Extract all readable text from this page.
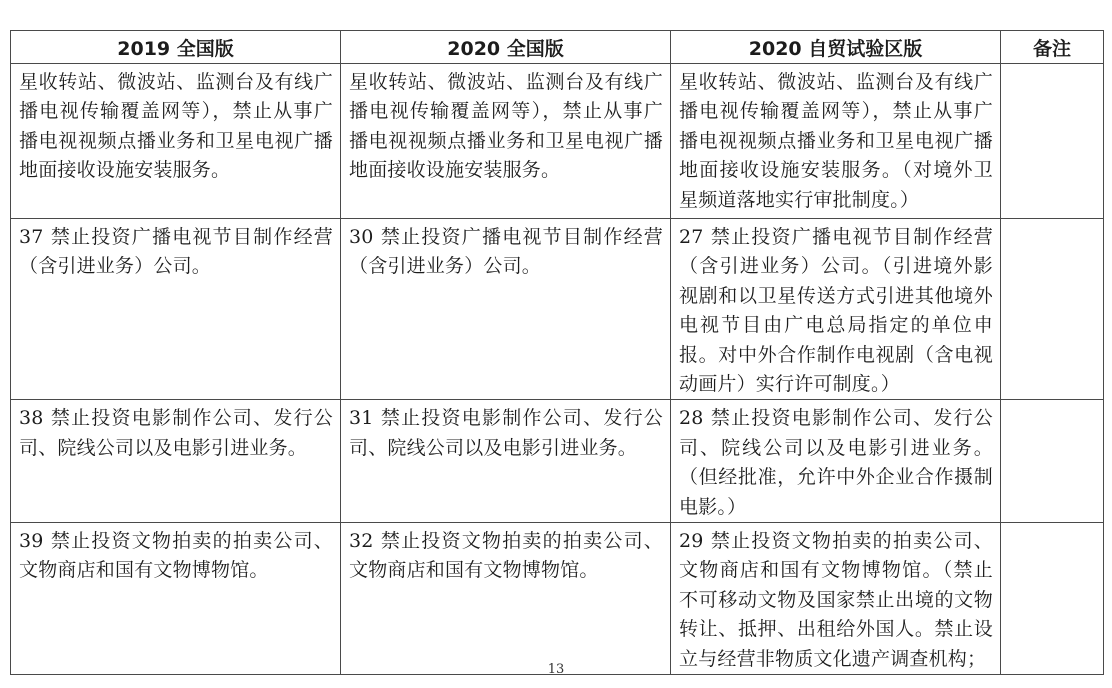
2019 全国版	2020 全国版	2020 自贸试验区版	备注
星收转站、微波站、监测台及有线广播电视传输覆盖网等），禁止从事广播电视视频点播业务和卫星电视广播地面接收设施安装服务。	星收转站、微波站、监测台及有线广播电视传输覆盖网等），禁止从事广播电视视频点播业务和卫星电视广播地面接收设施安装服务。	星收转站、微波站、监测台及有线广播电视传输覆盖网等），禁止从事广播电视视频点播业务和卫星电视广播地面接收设施安装服务。（对境外卫星频道落地实行审批制度。）	
37 禁止投资广播电视节目制作经营（含引进业务）公司。	30 禁止投资广播电视节目制作经营（含引进业务）公司。	27 禁止投资广播电视节目制作经营（含引进业务）公司。（引进境外影视剧和以卫星传送方式引进其他境外电视节目由广电总局指定的单位申报。对中外合作制作电视剧（含电视动画片）实行许可制度。）	
38 禁止投资电影制作公司、发行公司、院线公司以及电影引进业务。	31 禁止投资电影制作公司、发行公司、院线公司以及电影引进业务。	28 禁止投资电影制作公司、发行公司、院线公司以及电影引进业务。（但经批准，允许中外企业合作摄制电影。）	
39 禁止投资文物拍卖的拍卖公司、文物商店和国有文物博物馆。	32 禁止投资文物拍卖的拍卖公司、文物商店和国有文物博物馆。	29 禁止投资文物拍卖的拍卖公司、文物商店和国有文物博物馆。（禁止不可移动文物及国家禁止出境的文物转让、抵押、出租给外国人。禁止设立与经营非物质文化遗产调查机构；	
13
